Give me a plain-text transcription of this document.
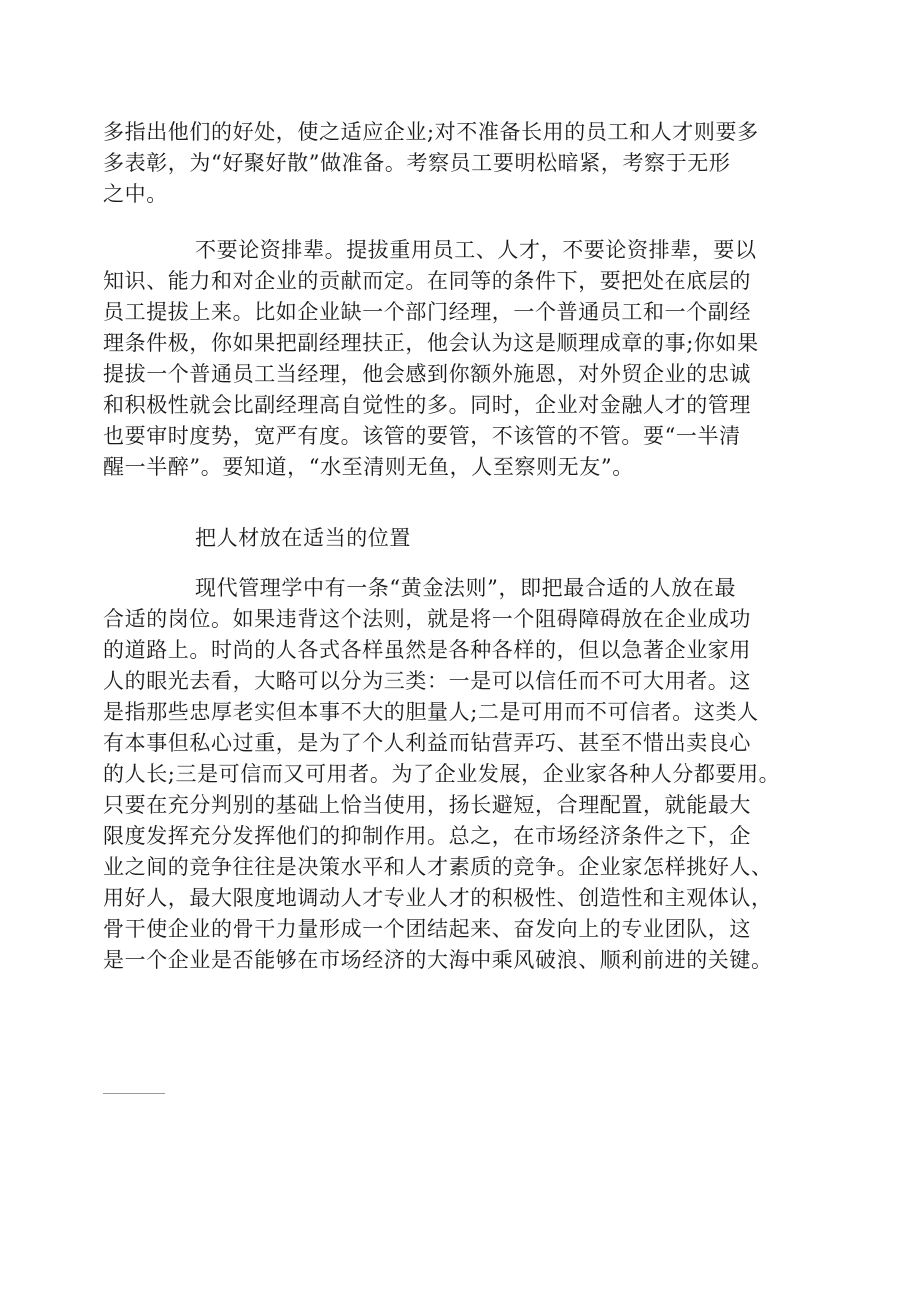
多指出他们的好处，使之适应企业;对不准备长用的员工和人才则要多
多表彰，为“好聚好散”做准备。考察员工要明松暗紧，考察于无形
之中。
不要论资排辈。提拔重用员工、人才，不要论资排辈，要以
知识、能力和对企业的贡献而定。在同等的条件下，要把处在底层的
员工提拔上来。比如企业缺一个部门经理，一个普通员工和一个副经
理条件极，你如果把副经理扶正，他会认为这是顺理成章的事;你如果
提拔一个普通员工当经理，他会感到你额外施恩，对外贸企业的忠诚
和积极性就会比副经理高自觉性的多。同时，企业对金融人才的管理
也要审时度势，宽严有度。该管的要管，不该管的不管。要“一半清
醒一半醉”。要知道，“水至清则无鱼，人至察则无友”。
把人材放在适当的位置
现代管理学中有一条“黄金法则”，即把最合适的人放在最
合适的岗位。如果违背这个法则，就是将一个阻碍障碍放在企业成功
的道路上。时尚的人各式各样虽然是各种各样的，但以急著企业家用
人的眼光去看，大略可以分为三类：一是可以信任而不可大用者。这
是指那些忠厚老实但本事不大的胆量人;二是可用而不可信者。这类人
有本事但私心过重，是为了个人利益而钻营弄巧、甚至不惜出卖良心
的人长;三是可信而又可用者。为了企业发展，企业家各种人分都要用。
只要在充分判别的基础上恰当使用，扬长避短，合理配置，就能最大
限度发挥充分发挥他们的抑制作用。总之，在市场经济条件之下，企
业之间的竞争往往是决策水平和人才素质的竞争。企业家怎样挑好人、
用好人，最大限度地调动人才专业人才的积极性、创造性和主观体认，
骨干使企业的骨干力量形成一个团结起来、奋发向上的专业团队，这
是一个企业是否能够在市场经济的大海中乘风破浪、顺利前进的关键。
